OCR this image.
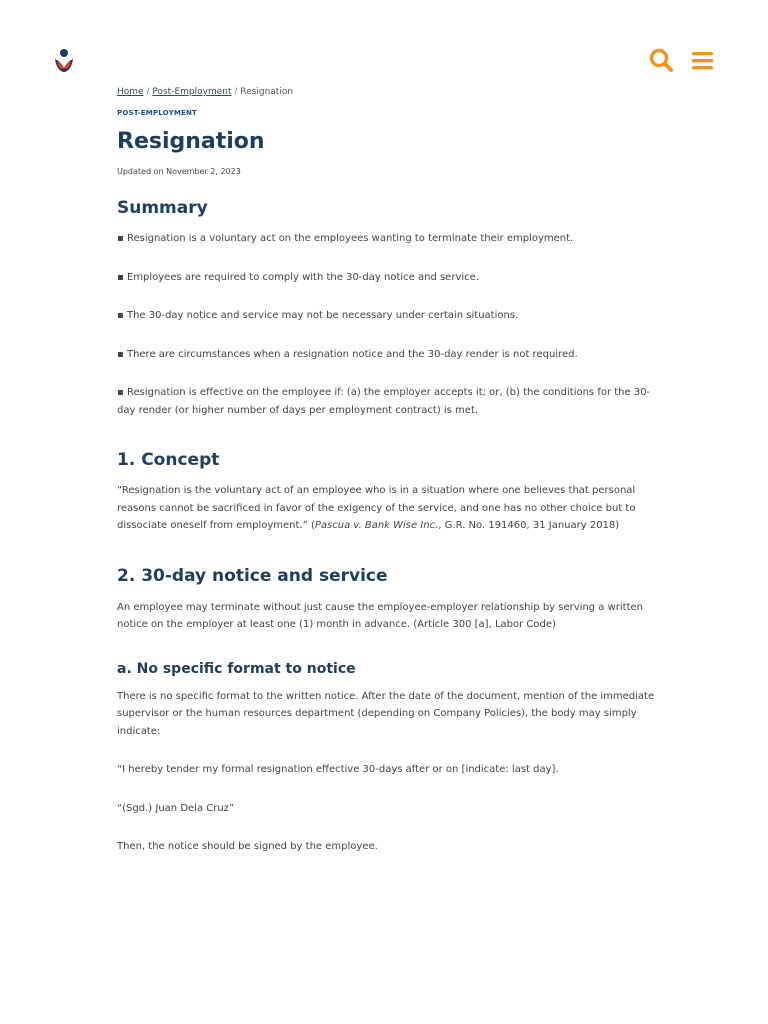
Home / Post-Employment / Resignation
POST-EMPLOYMENT
Resignation
Updated on November 2, 2023
Summary

▪ Resignation is a voluntary act on the employees wanting to terminate their employment.

▪ Employees are required to comply with the 30-day notice and service.

▪ The 30-day notice and service may not be necessary under certain situations.

▪ There are circumstances when a resignation notice and the 30-day render is not required.

▪ Resignation is effective on the employee if: (a) the employer accepts it; or, (b) the conditions for the 30-day render (or higher number of days per employment contract) is met.

1. Concept

“Resignation is the voluntary act of an employee who is in a situation where one believes that personal reasons cannot be sacrificed in favor of the exigency of the service, and one has no other choice but to dissociate oneself from employment.” (Pascua v. Bank Wise Inc., G.R. No. 191460, 31 January 2018)

2. 30-day notice and service

An employee may terminate without just cause the employee-employer relationship by serving a written notice on the employer at least one (1) month in advance. (Article 300 [a], Labor Code)

a. No specific format to notice

There is no specific format to the written notice. After the date of the document, mention of the immediate supervisor or the human resources department (depending on Company Policies), the body may simply indicate:

“I hereby tender my formal resignation effective 30-days after or on [indicate: last day].

“(Sgd.) Juan Dela Cruz”

Then, the notice should be signed by the employee.
